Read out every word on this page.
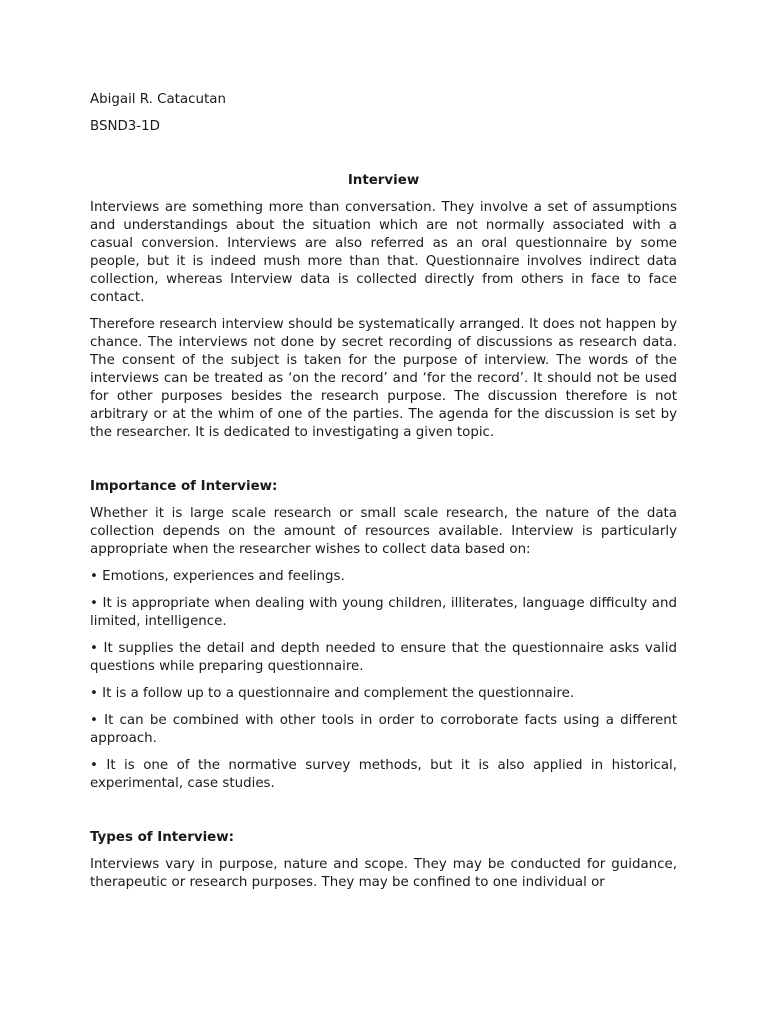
Abigail R. Catacutan
BSND3-1D
Interview
Interviews are something more than conversation. They involve a set of assumptions and understandings about the situation which are not normally associated with a casual conversion. Interviews are also referred as an oral questionnaire by some people, but it is indeed mush more than that. Questionnaire involves indirect data collection, whereas Interview data is collected directly from others in face to face contact.
Therefore research interview should be systematically arranged. It does not happen by chance. The interviews not done by secret recording of discussions as research data. The consent of the subject is taken for the purpose of interview. The words of the interviews can be treated as ‘on the record’ and ‘for the record’. It should not be used for other purposes besides the research purpose. The discussion therefore is not arbitrary or at the whim of one of the parties. The agenda for the discussion is set by the researcher. It is dedicated to investigating a given topic.
Importance of Interview:
Whether it is large scale research or small scale research, the nature of the data collection depends on the amount of resources available. Interview is particularly appropriate when the researcher wishes to collect data based on:
• Emotions, experiences and feelings.
• It is appropriate when dealing with young children, illiterates, language difficulty and limited, intelligence.
• It supplies the detail and depth needed to ensure that the questionnaire asks valid questions while preparing questionnaire.
• It is a follow up to a questionnaire and complement the questionnaire.
• It can be combined with other tools in order to corroborate facts using a different approach.
• It is one of the normative survey methods, but it is also applied in historical, experimental, case studies.
Types of Interview:
Interviews vary in purpose, nature and scope. They may be conducted for guidance, therapeutic or research purposes. They may be confined to one individual or
